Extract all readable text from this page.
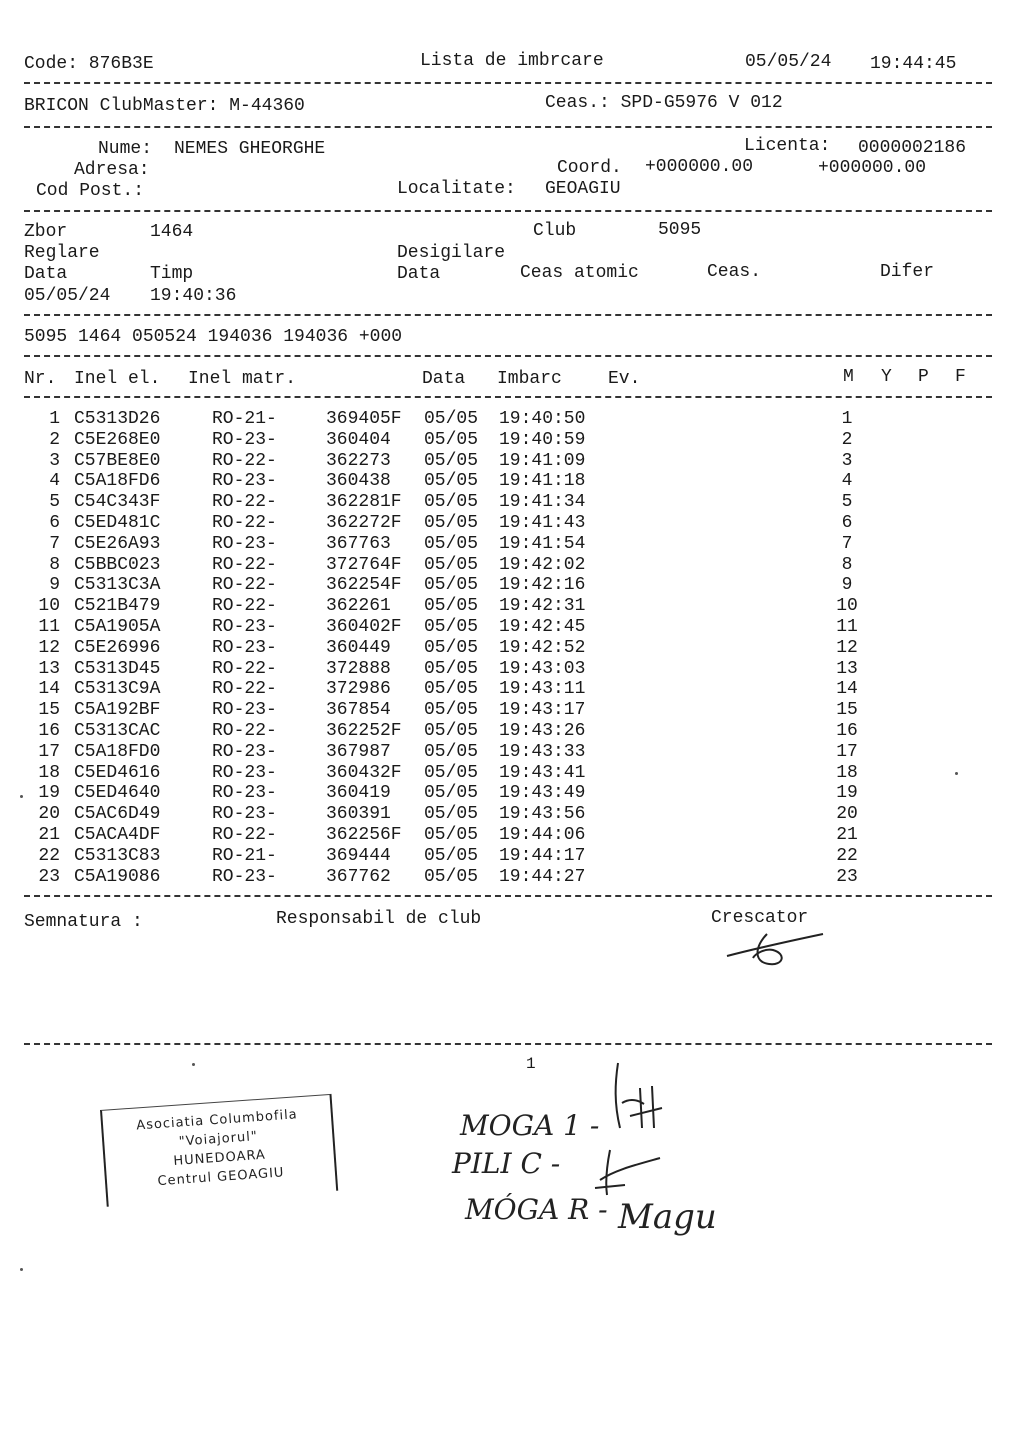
Code: 876B3E	Lista de imbrcare	05/05/24 19:44:45
BRICON ClubMaster: M-44360	Ceas.: SPD-G5976 V 012
Nume: NEMES GHEORGHE	Licenta: 0000002186
Adresa:	Coord. +000000.00	+000000.00
Cod Post.:	Localitate: GEOAGIU
Zbor	1464	Club	5095
Reglare	Desigilare
Data	Timp	Data	Ceas atomic	Ceas.	Difer
05/05/24 19:40:36
5095 1464 050524 194036 194036 +000
Nr. Inel el. Inel matr.	Data Imbarc	Ev.	M Y P F
1 C5313D26	RO-21-	369405F 05/05 19:40:50	1
2 C5E268E0	RO-23-	360404 05/05 19:40:59	2
3 C57BE8E0	RO-22-	362273 05/05 19:41:09	3
4 C5A18FD6	RO-23-	360438 05/05 19:41:18	4
5 C54C343F	RO-22-	362281F 05/05 19:41:34	5
6 C5ED481C	RO-22-	362272F 05/05 19:41:43	6
7 C5E26A93	RO-23-	367763 05/05 19:41:54	7
8 C5BBC023	RO-22-	372764F 05/05 19:42:02	8
9 C5313C3A	RO-22-	362254F 05/05 19:42:16	9
10 C521B479	RO-22-	362261 05/05 19:42:31	10
11 C5A1905A	RO-23-	360402F 05/05 19:42:45	11
12 C5E26996	RO-23-	360449 05/05 19:42:52	12
13 C5313D45	RO-22-	372888 05/05 19:43:03	13
14 C5313C9A	RO-22-	372986 05/05 19:43:11	14
15 C5A192BF	RO-23-	367854 05/05 19:43:17	15
16 C5313CAC	RO-22-	362252F 05/05 19:43:26	16
17 C5A18FD0	RO-23-	367987 05/05 19:43:33	17
18 C5ED4616	RO-23-	360432F 05/05 19:43:41	18
19 C5ED4640	RO-23-	360419 05/05 19:43:49	19
20 C5AC6D49	RO-23-	360391 05/05 19:43:56	20
21 C5ACA4DF	RO-22-	362256F 05/05 19:44:06	21
22 C5313C83	RO-21-	369444 05/05 19:44:17	22
23 C5A19086	RO-23-	367762 05/05 19:44:27	23
Semnatura :	Responsabil de club	Crescator
1
Asociatia Columbofila
"Voiajorul"
HUNEDOARA
Centrul GEOAGIU
MOGA 1 -
PILI C -
MÓGA R - Magu
